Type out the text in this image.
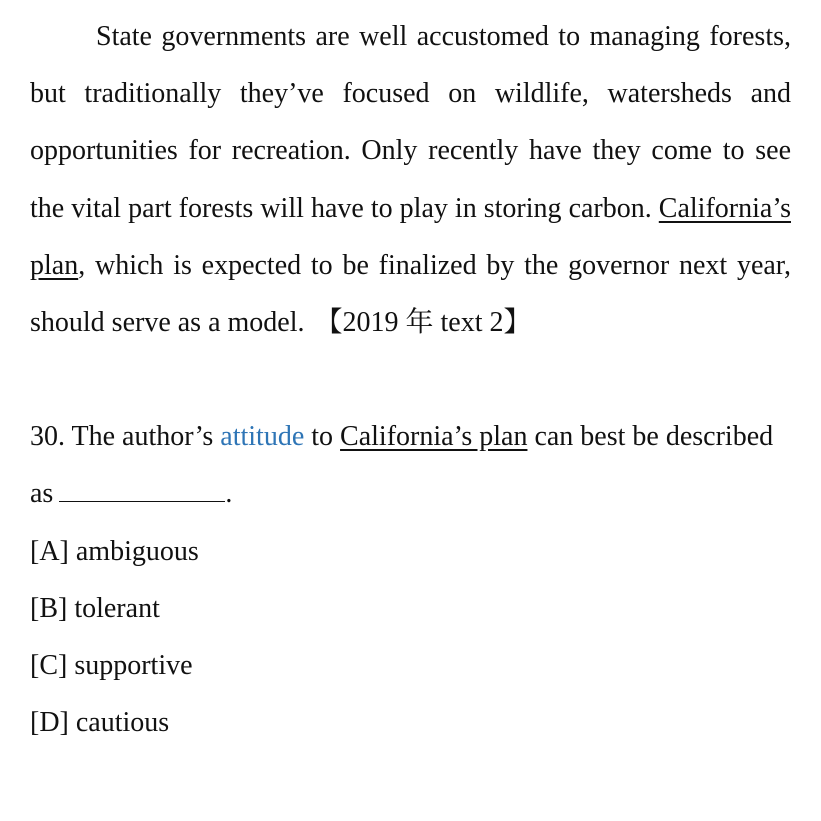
State governments are well accustomed to managing forests, but traditionally they’ve focused on wildlife, watersheds and opportunities for recreation. Only recently have they come to see the vital part forests will have to play in storing carbon. California’s plan, which is expected to be finalized by the governor next year, should serve as a model. 【2019 年 text 2】

30. The author’s attitude to California’s plan can best be described as	.

[A] ambiguous
[B] tolerant
[C] supportive
[D] cautious
